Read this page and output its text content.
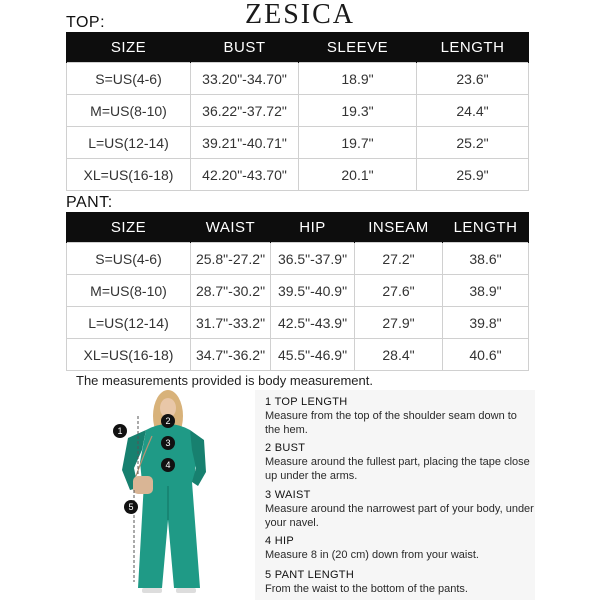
ZESICA
TOP:
SIZE	BUST	SLEEVE	LENGTH
S=US(4-6)	33.20"-34.70"	18.9"	23.6"
M=US(8-10)	36.22"-37.72"	19.3"	24.4"
L=US(12-14)	39.21"-40.71"	19.7"	25.2"
XL=US(16-18)	42.20"-43.70"	20.1"	25.9"
PANT:
SIZE	WAIST	HIP	INSEAM	LENGTH
S=US(4-6)	25.8"-27.2"	36.5"-37.9"	27.2"	38.6"
M=US(8-10)	28.7"-30.2"	39.5"-40.9"	27.6"	38.9"
L=US(12-14)	31.7"-33.2"	42.5"-43.9"	27.9"	39.8"
XL=US(16-18)	34.7"-36.2"	45.5"-46.9"	28.4"	40.6"
The measurements provided is body measurement.
1
2
3
4
5
1 TOP LENGTH
Measure from the top of the shoulder seam down to the hem.
2 BUST
Measure around the fullest part, placing the tape close up under the arms.
3 WAIST
Measure around the narrowest part of your body, under your navel.
4 HIP
Measure 8 in (20 cm) down from your waist.
5 PANT LENGTH
From the waist to the bottom of the pants.
